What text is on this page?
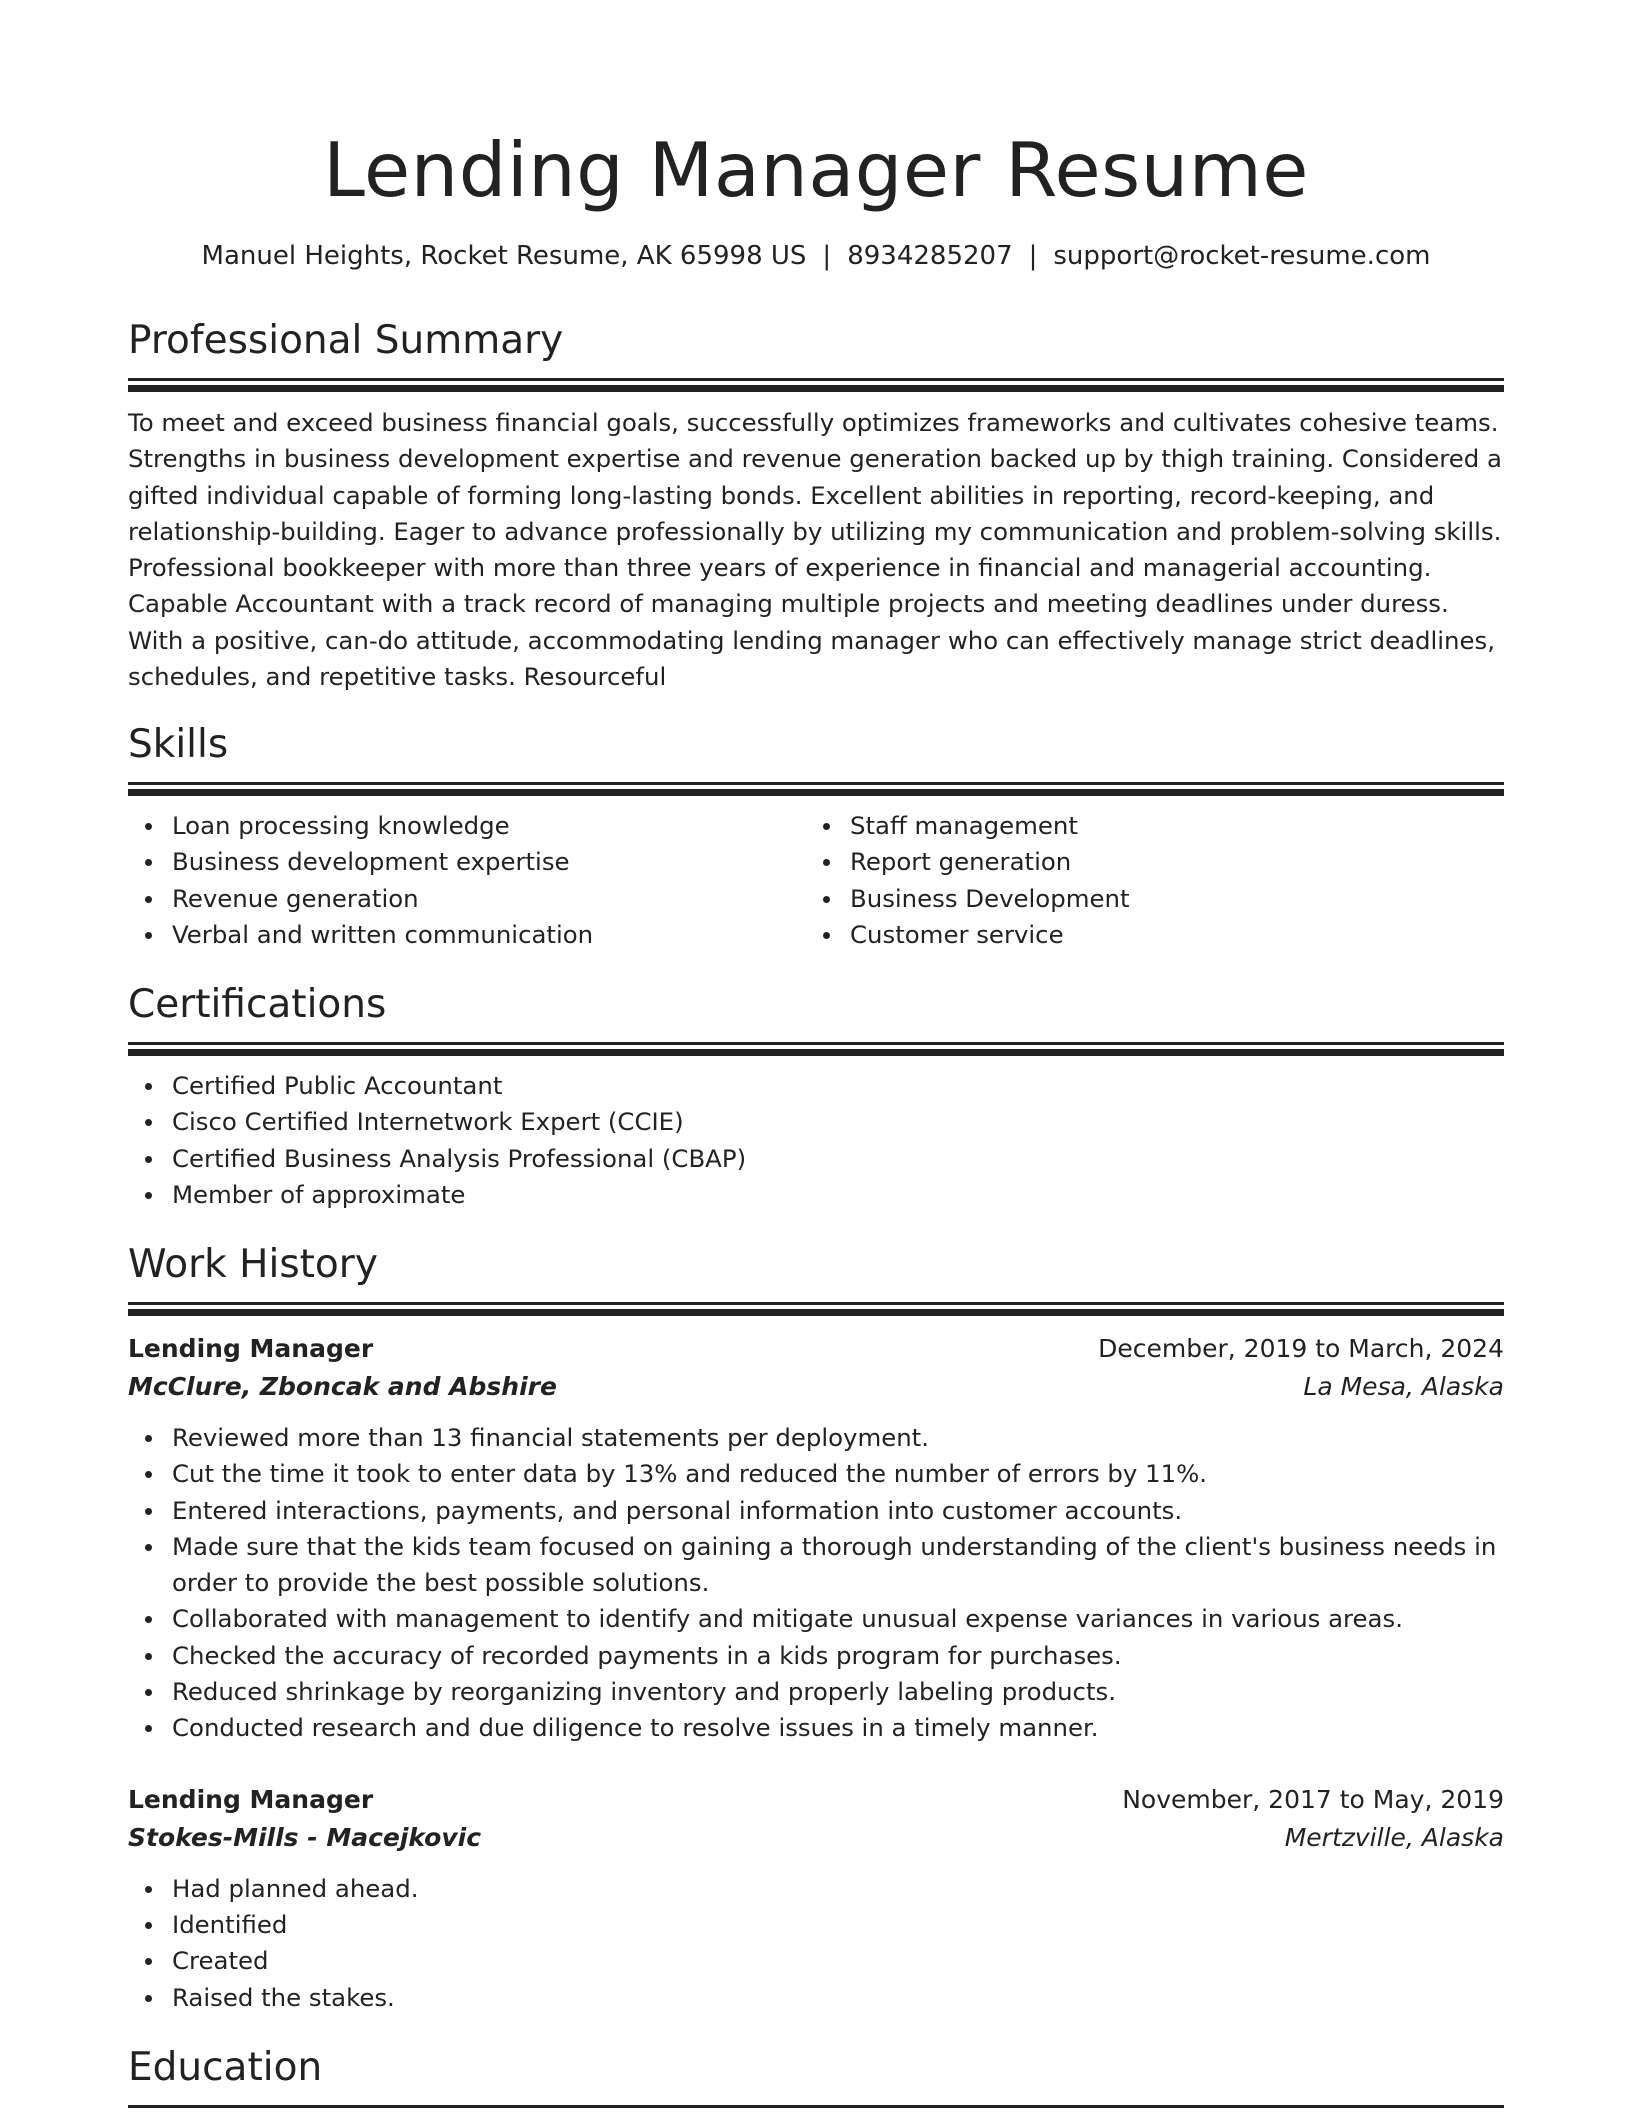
Lending Manager Resume
Manuel Heights, Rocket Resume, AK 65998 US | 8934285207 | support@rocket-resume.com
Professional Summary
To meet and exceed business financial goals, successfully optimizes frameworks and cultivates cohesive teams. Strengths in business development expertise and revenue generation backed up by thigh training. Considered a gifted individual capable of forming long-lasting bonds. Excellent abilities in reporting, record-keeping, and relationship-building. Eager to advance professionally by utilizing my communication and problem-solving skills. Professional bookkeeper with more than three years of experience in financial and managerial accounting. Capable Accountant with a track record of managing multiple projects and meeting deadlines under duress. With a positive, can-do attitude, accommodating lending manager who can effectively manage strict deadlines, schedules, and repetitive tasks. Resourceful
Skills
Loan processing knowledge
Business development expertise
Revenue generation
Verbal and written communication
Staff management
Report generation
Business Development
Customer service
Certifications
Certified Public Accountant
Cisco Certified Internetwork Expert (CCIE)
Certified Business Analysis Professional (CBAP)
Member of approximate
Work History
Lending Manager	December, 2019 to March, 2024
McClure, Zboncak and Abshire	La Mesa, Alaska
Reviewed more than 13 financial statements per deployment.
Cut the time it took to enter data by 13% and reduced the number of errors by 11%.
Entered interactions, payments, and personal information into customer accounts.
Made sure that the kids team focused on gaining a thorough understanding of the client's business needs in order to provide the best possible solutions.
Collaborated with management to identify and mitigate unusual expense variances in various areas.
Checked the accuracy of recorded payments in a kids program for purchases.
Reduced shrinkage by reorganizing inventory and properly labeling products.
Conducted research and due diligence to resolve issues in a timely manner.
Lending Manager	November, 2017 to May, 2019
Stokes-Mills - Macejkovic	Mertzville, Alaska
Had planned ahead.
Identified
Created
Raised the stakes.
Education
